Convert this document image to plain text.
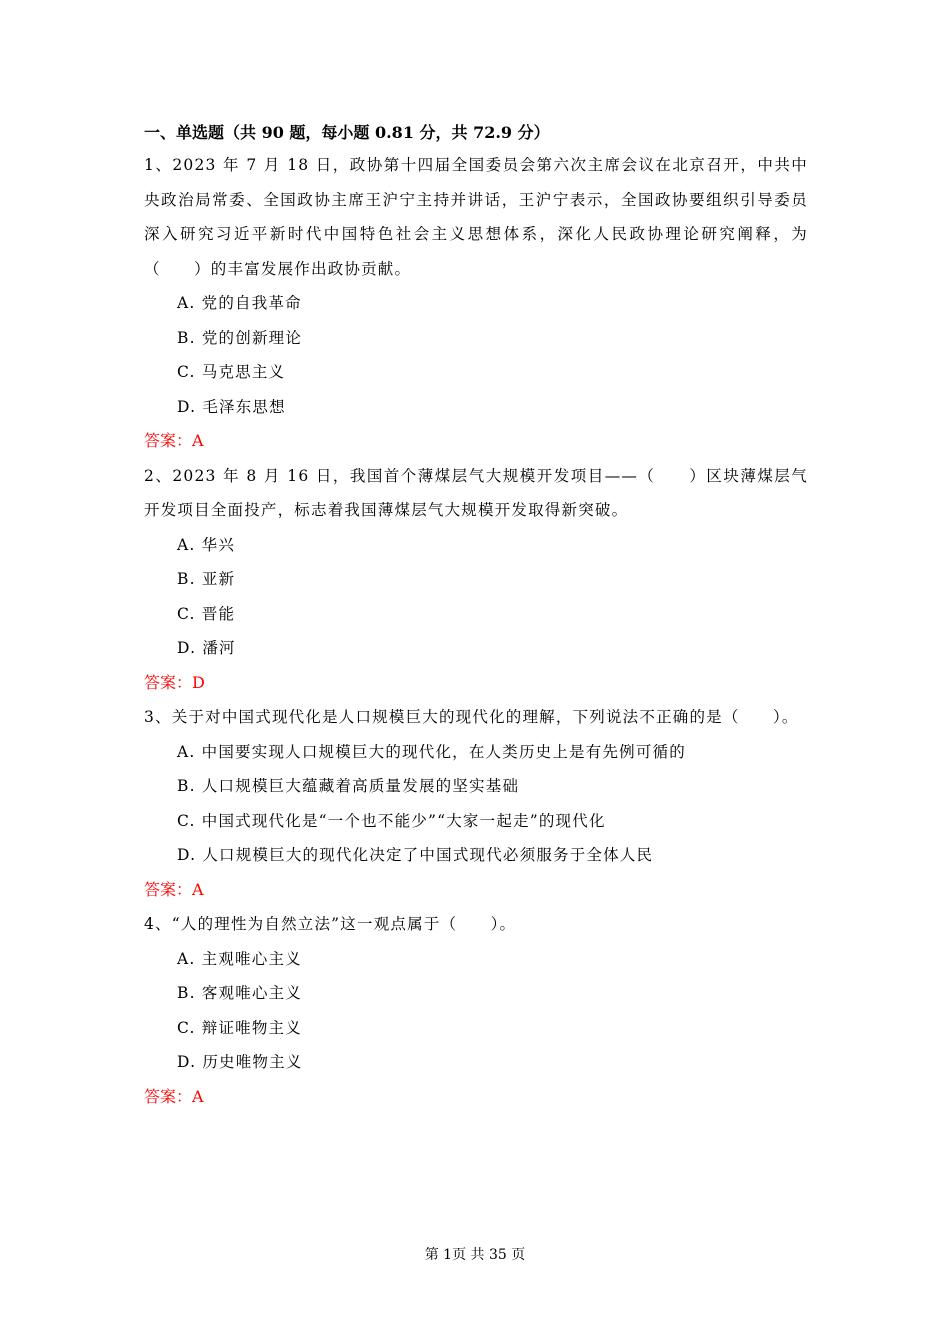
一、单选题（共 90 题，每小题 0.81 分，共 72.9 分）

1、2023 年 7 月 18 日，政协第十四届全国委员会第六次主席会议在北京召开，中共中央政治局常委、全国政协主席王沪宁主持并讲话，王沪宁表示，全国政协要组织引导委员深入研究习近平新时代中国特色社会主义思想体系，深化人民政协理论研究阐释，为（　　）的丰富发展作出政协贡献。

A. 党的自我革命

B. 党的创新理论

C. 马克思主义

D. 毛泽东思想

答案：A

2、2023 年 8 月 16 日，我国首个薄煤层气大规模开发项目——（　　）区块薄煤层气开发项目全面投产，标志着我国薄煤层气大规模开发取得新突破。

A. 华兴

B. 亚新

C. 晋能

D. 潘河

答案：D

3、关于对中国式现代化是人口规模巨大的现代化的理解，下列说法不正确的是（　　）。

A. 中国要实现人口规模巨大的现代化，在人类历史上是有先例可循的

B. 人口规模巨大蕴藏着高质量发展的坚实基础

C. 中国式现代化是“一个也不能少”“大家一起走”的现代化

D. 人口规模巨大的现代化决定了中国式现代必须服务于全体人民

答案：A

4、“人的理性为自然立法”这一观点属于（　　）。

A. 主观唯心主义

B. 客观唯心主义

C. 辩证唯物主义

D. 历史唯物主义

答案：A

第 1页 共 35 页
